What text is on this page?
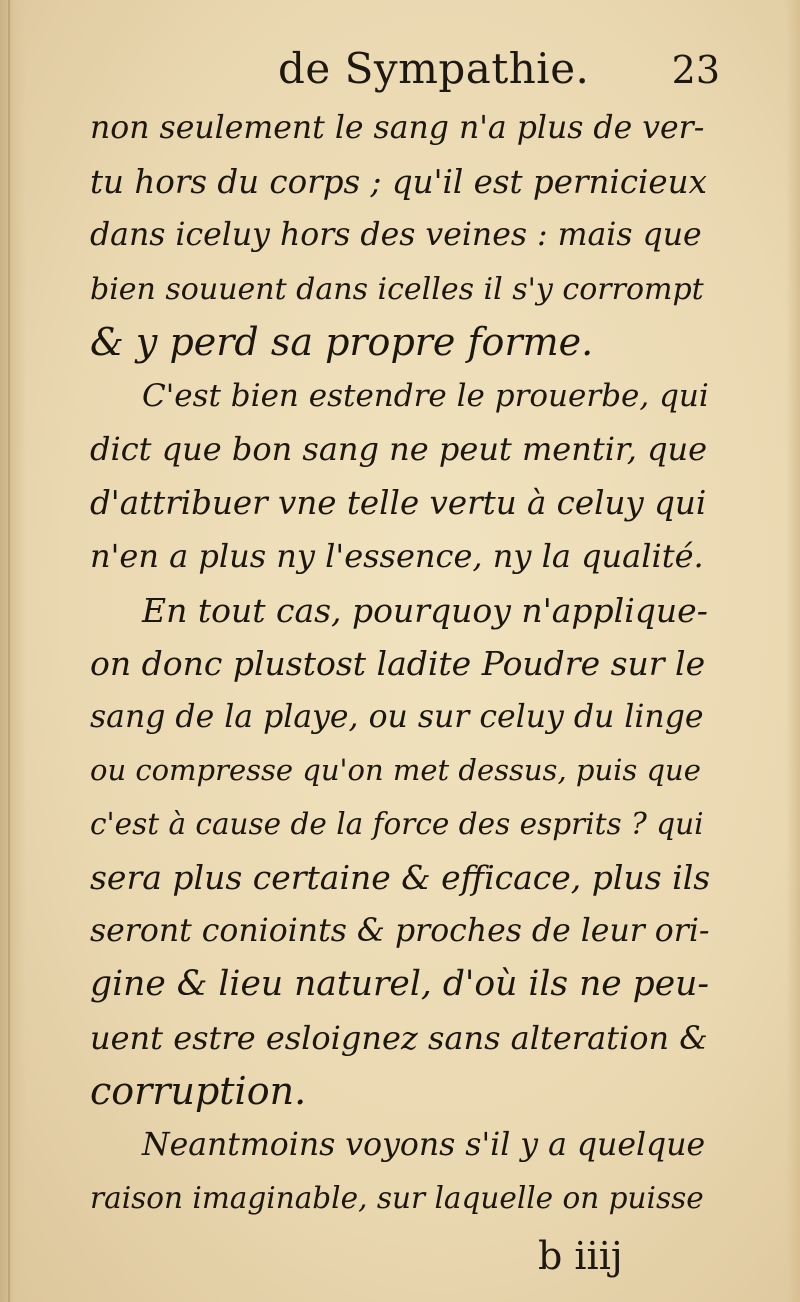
de Sympathie. 23
non seulement le sang n'a plus de ver-
tu hors du corps ; qu'il est pernicieux
dans iceluy hors des veines : mais que
bien souuent dans icelles il s'y corrompt
& y perd sa propre forme.
C'est bien estendre le prouerbe, qui
dict que bon sang ne peut mentir, que
d'attribuer vne telle vertu à celuy qui
n'en a plus ny l'essence, ny la qualité.
En tout cas, pourquoy n'applique-
on donc plustost ladite Poudre sur le
sang de la playe, ou sur celuy du linge
ou compresse qu'on met dessus, puis que
c'est à cause de la force des esprits ? qui
sera plus certaine & efficace, plus ils
seront conioints & proches de leur ori-
gine & lieu naturel, d'où ils ne peu-
uent estre esloignez sans alteration &
corruption.
Neantmoins voyons s'il y a quelque
raison imaginable, sur laquelle on puisse
b iiij
